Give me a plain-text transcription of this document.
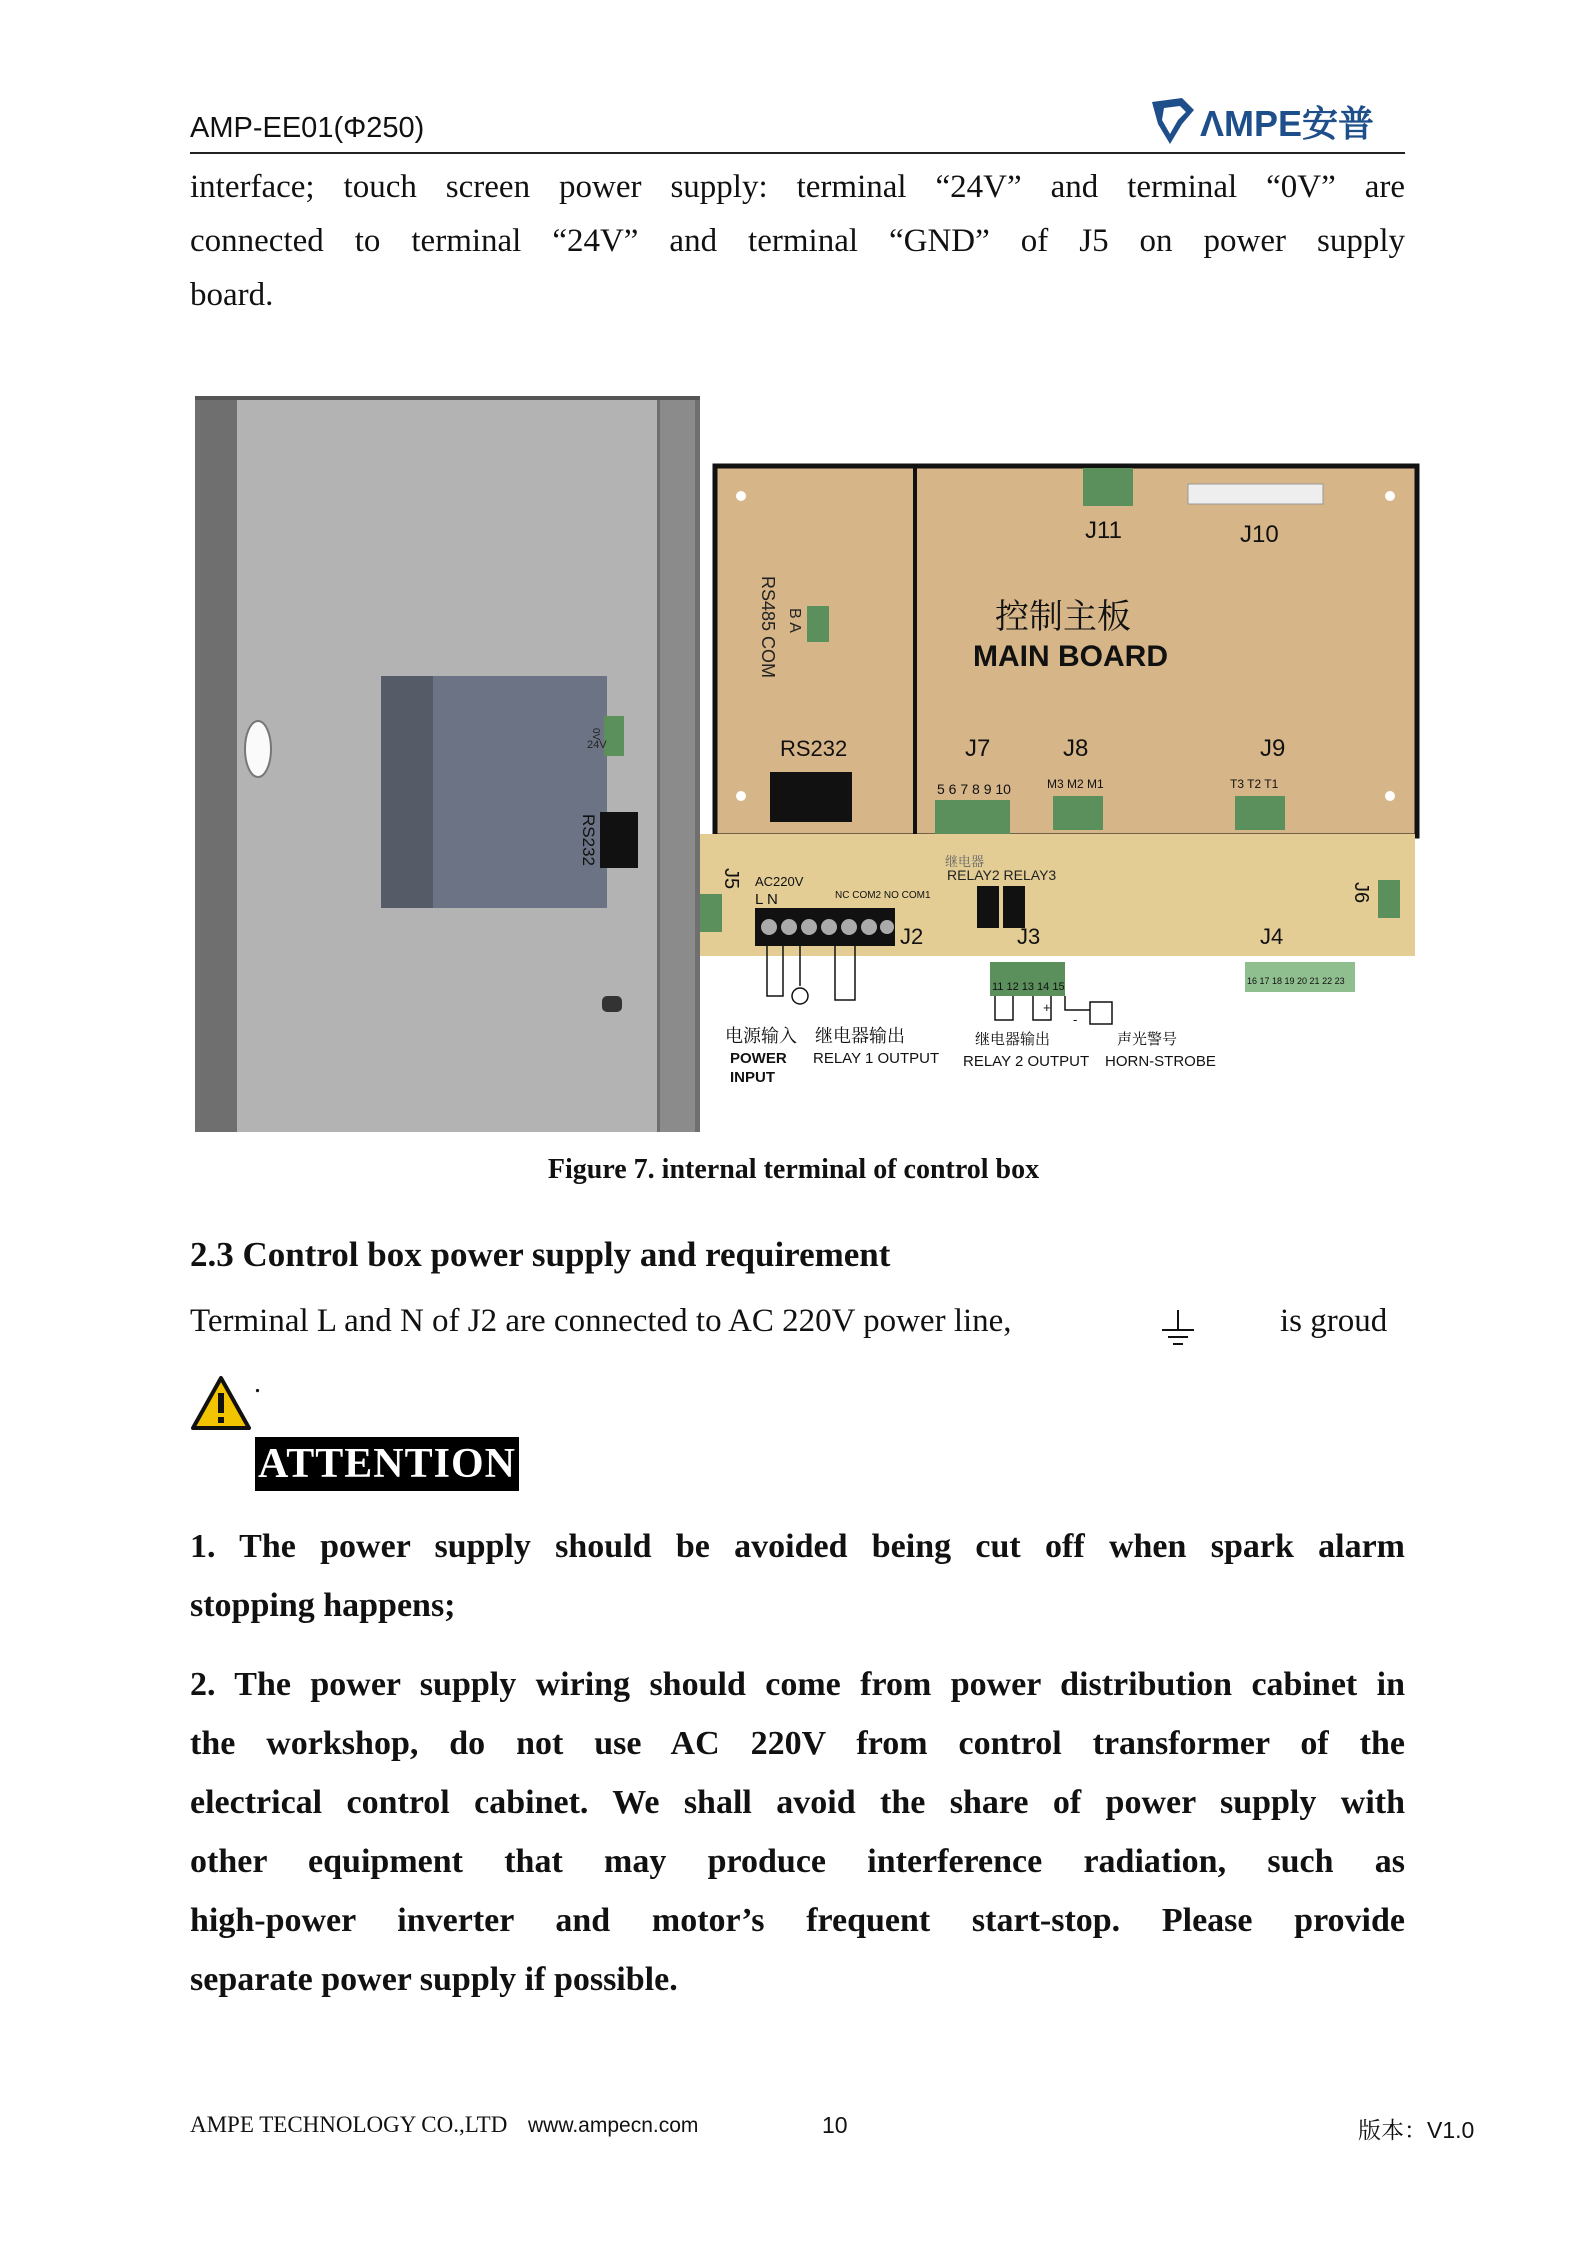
AMP-EE01(Φ250)	ΛMPE安普
interface; touch screen power supply: terminal “24V” and terminal “0V” are
connected to terminal “24V” and terminal “GND” of J5 on power supply
board.
0V
24V
RS232
控制主板
MAIN BOARD
RS485 COM B A
RS232	J7
5 6 7 8 9 10
J8
M3 M2 M1
J9
T3 T2 T1
J11	J10
J5
J6
AC220V
L N	NC COM2 NO COM1
J2
继电器
RELAY2 RELAY3
J3
11 12 13 14 15
J4
16 17 18 19 20 21 22 23
+
-
电源输入
POWER
INPUT
继电器输出
RELAY 1 OUTPUT
继电器输出
RELAY 2 OUTPUT
声光警号
HORN-STROBE
Figure 7. internal terminal of control box
2.3 Control box power supply and requirement
Terminal L and N of J2 are connected to AC 220V power line,	is groud
.
ATTENTION
1. The power supply should be avoided being cut off when spark alarm
stopping happens;
2. The power supply wiring should come from power distribution cabinet in
the workshop, do not use AC 220V from control transformer of the
electrical control cabinet. We shall avoid the share of power supply with
other equipment that may produce interference radiation, such as
high-power inverter and motor’s frequent start-stop. Please provide
separate power supply if possible.
AMPE TECHNOLOGY CO.,LTD www.ampecn.com	10	版本：V1.0
